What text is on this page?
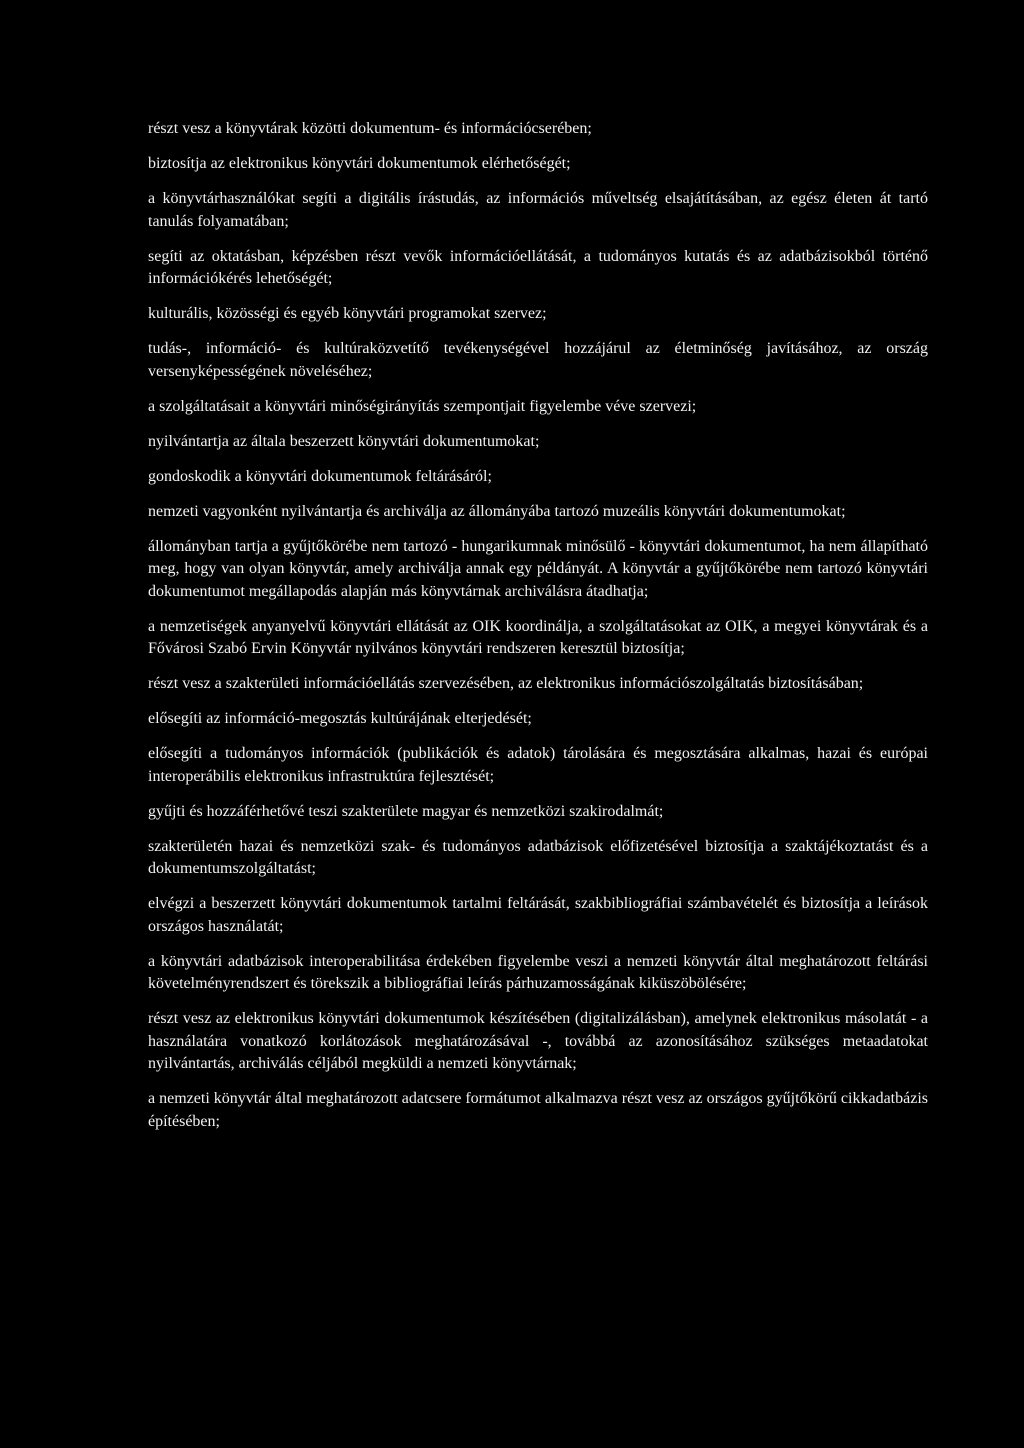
részt vesz a könyvtárak közötti dokumentum- és információcserében;

biztosítja az elektronikus könyvtári dokumentumok elérhetőségét;

a könyvtárhasználókat segíti a digitális írástudás, az információs műveltség elsajátításában, az egész életen át tartó tanulás folyamatában;

segíti az oktatásban, képzésben részt vevők információellátását, a tudományos kutatás és az adatbázisokból történő információkérés lehetőségét;

kulturális, közösségi és egyéb könyvtári programokat szervez;

tudás-, információ- és kultúraközvetítő tevékenységével hozzájárul az életminőség javításához, az ország versenyképességének növeléséhez;

a szolgáltatásait a könyvtári minőségirányítás szempontjait figyelembe véve szervezi;

nyilvántartja az általa beszerzett könyvtári dokumentumokat;

gondoskodik a könyvtári dokumentumok feltárásáról;

nemzeti vagyonként nyilvántartja és archiválja az állományába tartozó muzeális könyvtári dokumentumokat;

állományban tartja a gyűjtőkörébe nem tartozó - hungarikumnak minősülő - könyvtári dokumentumot, ha nem állapítható meg, hogy van olyan könyvtár, amely archiválja annak egy példányát. A könyvtár a gyűjtőkörébe nem tartozó könyvtári dokumentumot megállapodás alapján más könyvtárnak archiválásra átadhatja;

a nemzetiségek anyanyelvű könyvtári ellátását az OIK koordinálja, a szolgáltatásokat az OIK, a megyei könyvtárak és a Fővárosi Szabó Ervin Könyvtár nyilvános könyvtári rendszeren keresztül biztosítja;

részt vesz a szakterületi információellátás szervezésében, az elektronikus információszolgáltatás biztosításában;

elősegíti az információ-megosztás kultúrájának elterjedését;

elősegíti a tudományos információk (publikációk és adatok) tárolására és megosztására alkalmas, hazai és európai interoperábilis elektronikus infrastruktúra fejlesztését;

gyűjti és hozzáférhetővé teszi szakterülete magyar és nemzetközi szakirodalmát;

szakterületén hazai és nemzetközi szak- és tudományos adatbázisok előfizetésével biztosítja a szaktájékoztatást és a dokumentumszolgáltatást;

elvégzi a beszerzett könyvtári dokumentumok tartalmi feltárását, szakbibliográfiai számbavételét és biztosítja a leírások országos használatát;

a könyvtári adatbázisok interoperabilitása érdekében figyelembe veszi a nemzeti könyvtár által meghatározott feltárási követelményrendszert és törekszik a bibliográfiai leírás párhuzamosságának kiküszöbölésére;

részt vesz az elektronikus könyvtári dokumentumok készítésében (digitalizálásban), amelynek elektronikus másolatát - a használatára vonatkozó korlátozások meghatározásával -, továbbá az azonosításához szükséges metaadatokat nyilvántartás, archiválás céljából megküldi a nemzeti könyvtárnak;

a nemzeti könyvtár által meghatározott adatcsere formátumot alkalmazva részt vesz az országos gyűjtőkörű cikkadatbázis építésében;
